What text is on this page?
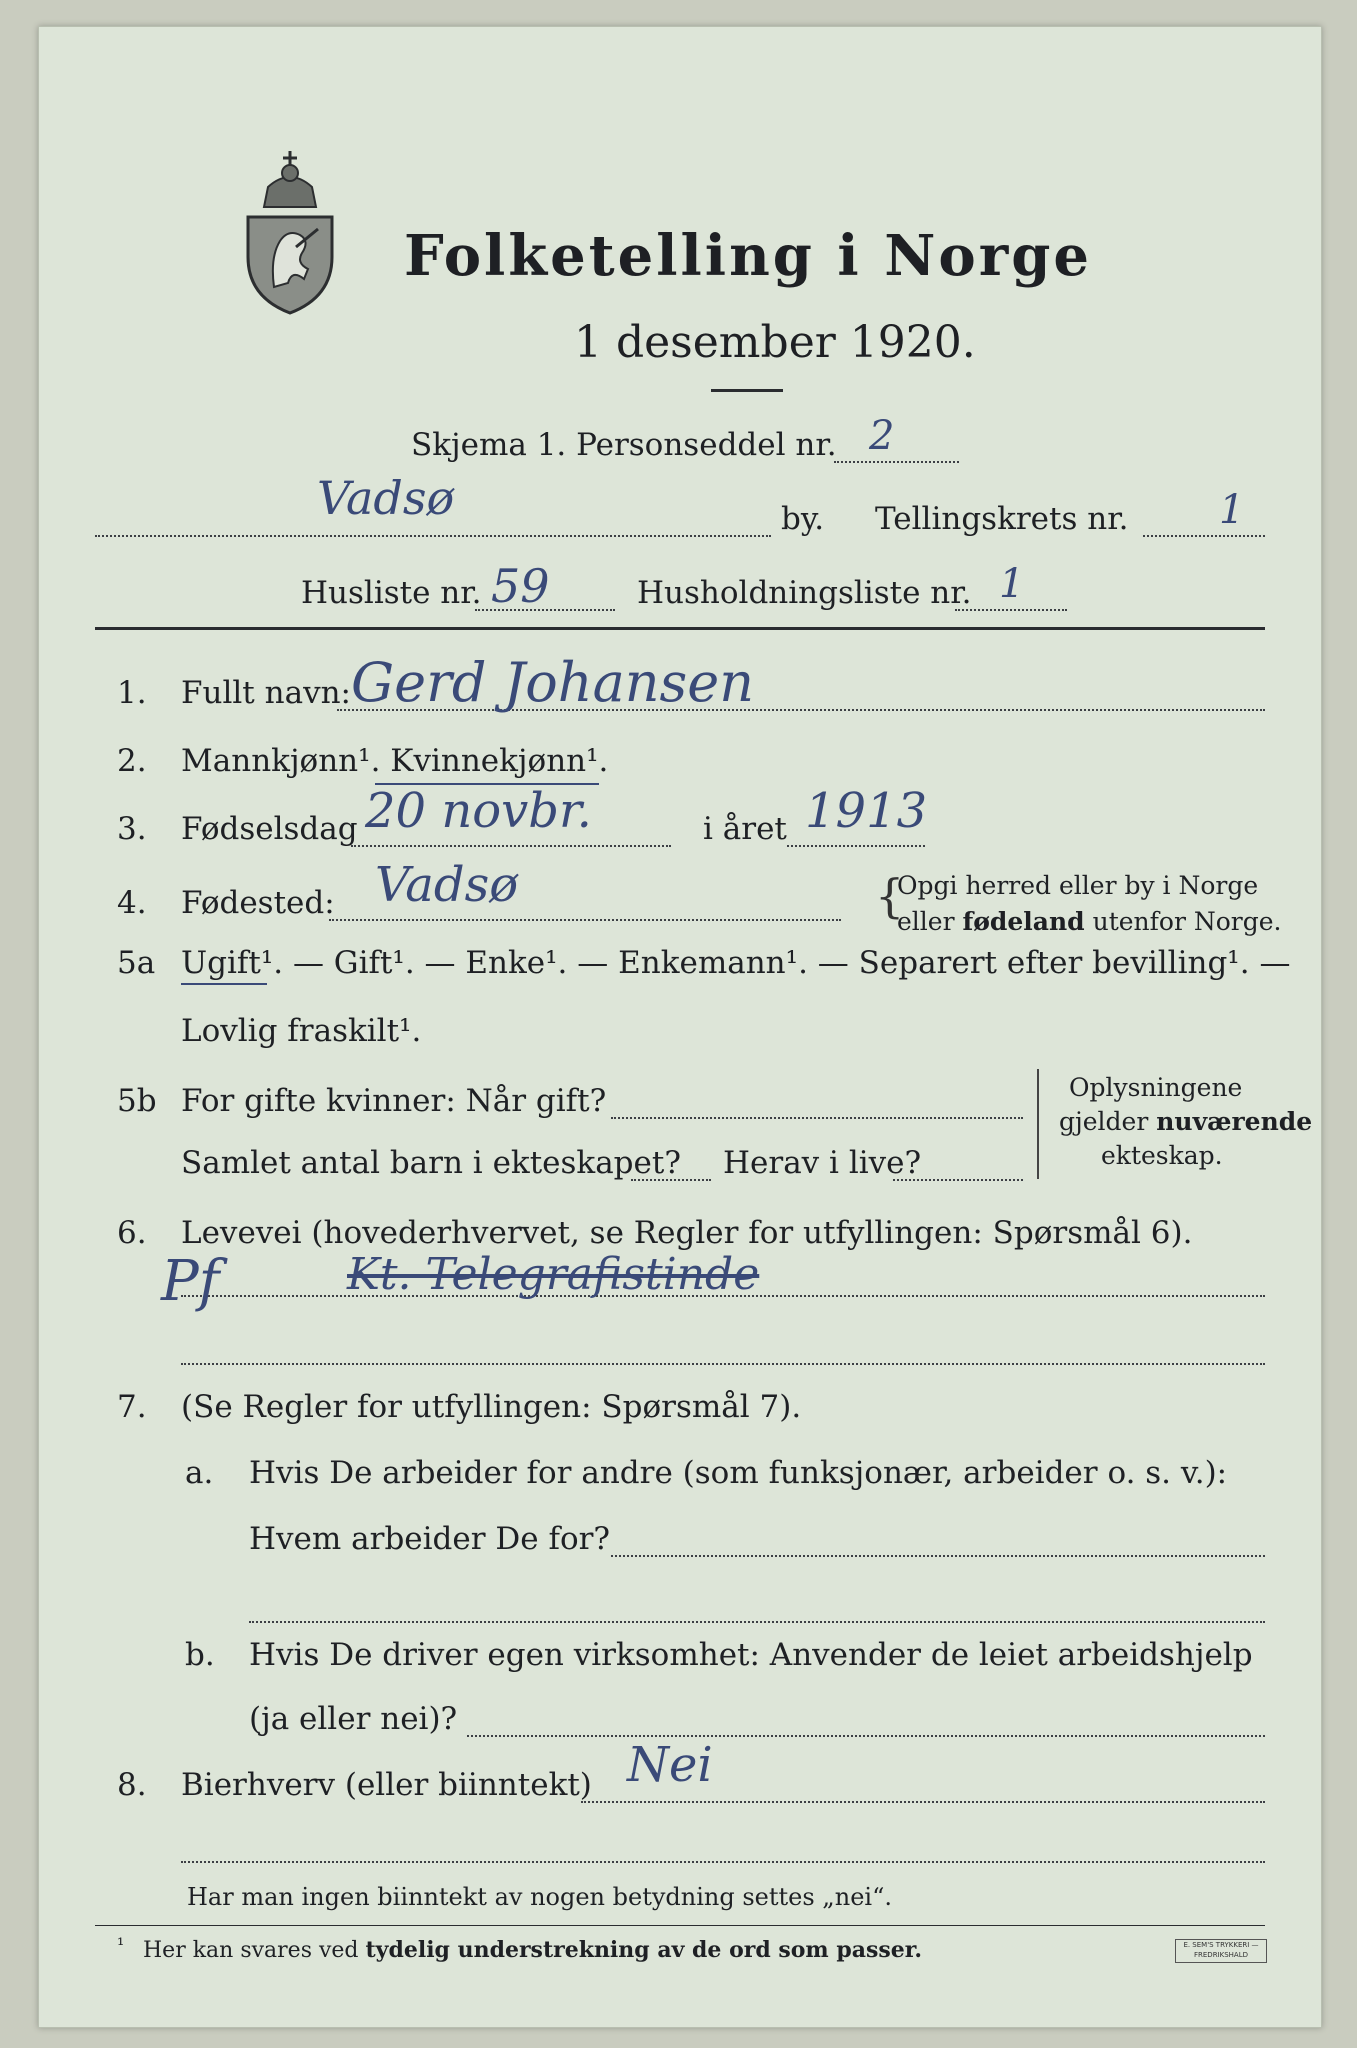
Folketelling i Norge
1 desember 1920.
Skjema 1. Personseddel nr. 2
Vadsø	by. Tellingskrets nr. 1
Husliste nr. 59	Husholdningsliste nr. 1
1. Fullt navn: Gerd Johansen
2. Mannkjønn¹. Kvinnekjønn¹.
3. Fødselsdag 20 novbr.	i året 1913
4. Fødested: Vadsø	{
Opgi herred eller by i Norge
eller fødeland utenfor Norge.
5a Ugift¹. — Gift¹. — Enke¹. — Enkemann¹. — Separert efter bevilling¹. —
Lovlig fraskilt¹.
5b For gifte kvinner: Når gift?
Samlet antal barn i ekteskapet? Herav i live?
Oplysningene
gjelder nuværende
ekteskap.
6. Levevei (hovederhvervet, se Regler for utfyllingen: Spørsmål 6).
Pf	Kt. Telegrafistinde
7. (Se Regler for utfyllingen: Spørsmål 7).
a. Hvis De arbeider for andre (som funksjonær, arbeider o. s. v.):
Hvem arbeider De for?
b. Hvis De driver egen virksomhet: Anvender de leiet arbeidshjelp
(ja eller nei)?
8. Bierhverv (eller biinntekt) Nei
Har man ingen biinntekt av nogen betydning settes „nei“.
¹ Her kan svares ved tydelig understrekning av de ord som passer.	E. SEM'S TRYKKERI — FREDRIKSHALD
